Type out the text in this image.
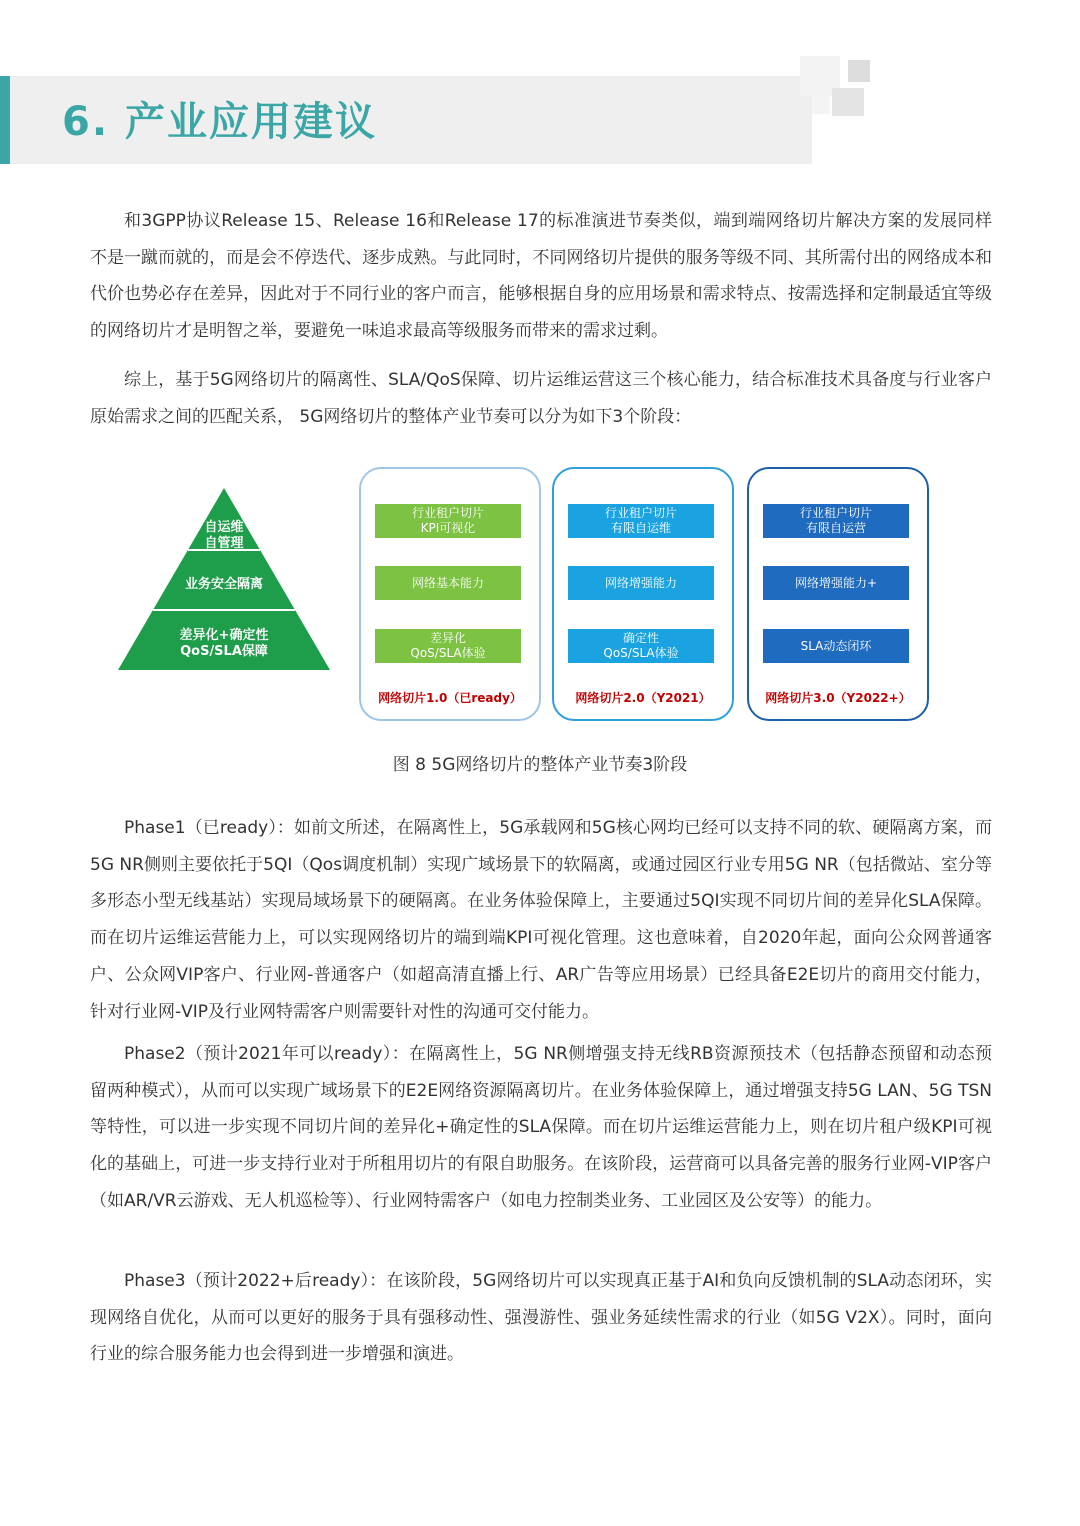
6. 产业应用建议

和3GPP协议Release 15、Release 16和Release 17的标准演进节奏类似，端到端网络切片解决方案的发展同样不是一蹴而就的，而是会不停迭代、逐步成熟。与此同时，不同网络切片提供的服务等级不同、其所需付出的网络成本和代价也势必存在差异，因此对于不同行业的客户而言，能够根据自身的应用场景和需求特点、按需选择和定制最适宜等级的网络切片才是明智之举，要避免一味追求最高等级服务而带来的需求过剩。

综上，基于5G网络切片的隔离性、SLA/QoS保障、切片运维运营这三个核心能力，结合标准技术具备度与行业客户原始需求之间的匹配关系， 5G网络切片的整体产业节奏可以分为如下3个阶段：

自运维
自管理
业务安全隔离
差异化+确定性
QoS/SLA保障
行业租户切片
KPI可视化
网络基本能力
差异化
QoS/SLA体验
网络切片1.0（已ready）
行业租户切片
有限自运维
网络增强能力
确定性
QoS/SLA体验
网络切片2.0（Y2021）
行业租户切片
有限自运营
网络增强能力+
SLA动态闭环
网络切片3.0（Y2022+）
图 8 5G网络切片的整体产业节奏3阶段

Phase1（已ready）：如前文所述，在隔离性上，5G承载网和5G核心网均已经可以支持不同的软、硬隔离方案，而5G NR侧则主要依托于5QI（Qos调度机制）实现广域场景下的软隔离，或通过园区行业专用5G NR（包括微站、室分等多形态小型无线基站）实现局域场景下的硬隔离。在业务体验保障上，主要通过5QI实现不同切片间的差异化SLA保障。而在切片运维运营能力上，可以实现网络切片的端到端KPI可视化管理。这也意味着，自2020年起，面向公众网普通客户、公众网VIP客户、行业网-普通客户（如超高清直播上行、AR广告等应用场景）已经具备E2E切片的商用交付能力，针对行业网-VIP及行业网特需客户则需要针对性的沟通可交付能力。

Phase2（预计2021年可以ready）：在隔离性上，5G NR侧增强支持无线RB资源预技术（包括静态预留和动态预留两种模式），从而可以实现广域场景下的E2E网络资源隔离切片。在业务体验保障上，通过增强支持5G LAN、5G TSN等特性，可以进一步实现不同切片间的差异化+确定性的SLA保障。而在切片运维运营能力上，则在切片租户级KPI可视化的基础上，可进一步支持行业对于所租用切片的有限自助服务。在该阶段，运营商可以具备完善的服务行业网-VIP客户（如AR/VR云游戏、无人机巡检等）、行业网特需客户（如电力控制类业务、工业园区及公安等）的能力。

Phase3（预计2022+后ready）：在该阶段，5G网络切片可以实现真正基于AI和负向反馈机制的SLA动态闭环，实现网络自优化，从而可以更好的服务于具有强移动性、强漫游性、强业务延续性需求的行业（如5G V2X）。同时，面向行业的综合服务能力也会得到进一步增强和演进。
